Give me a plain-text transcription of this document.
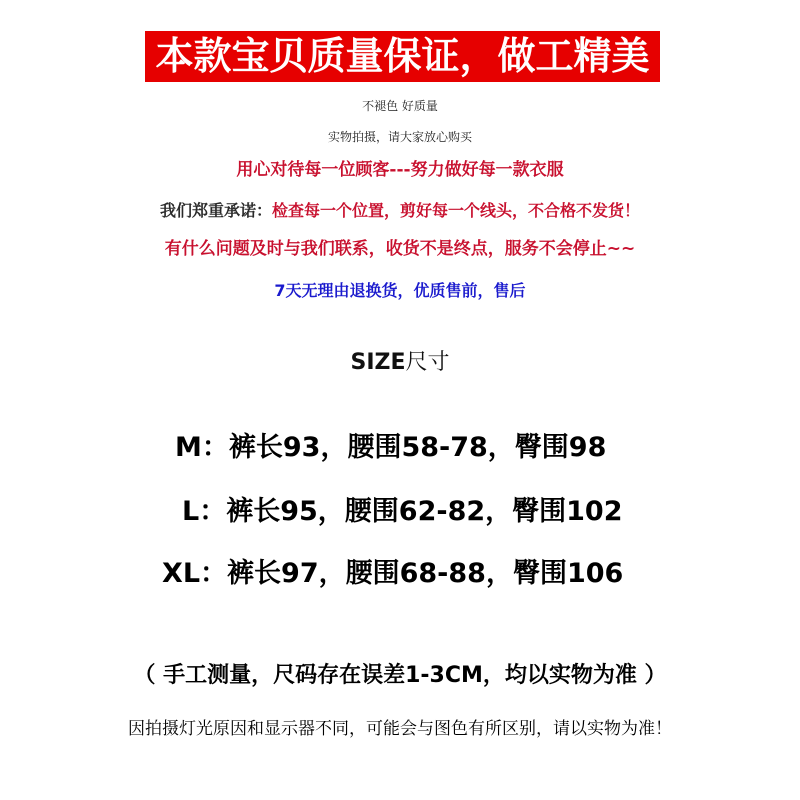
本款宝贝质量保证，做工精美
不褪色 好质量
实物拍摄，请大家放心购买
用心对待每一位顾客---努力做好每一款衣服
我们郑重承诺：检查每一个位置，剪好每一个线头，不合格不发货！
有什么问题及时与我们联系，收货不是终点，服务不会停止~~
7天无理由退换货，优质售前，售后
SIZE尺寸
M：裤长93，腰围58-78，臀围98
L：裤长95，腰围62-82，臀围102
XL：裤长97，腰围68-88，臀围106
（ 手工测量，尺码存在误差1-3CM，均以实物为准 ）
因拍摄灯光原因和显示器不同，可能会与图色有所区别，请以实物为准！
